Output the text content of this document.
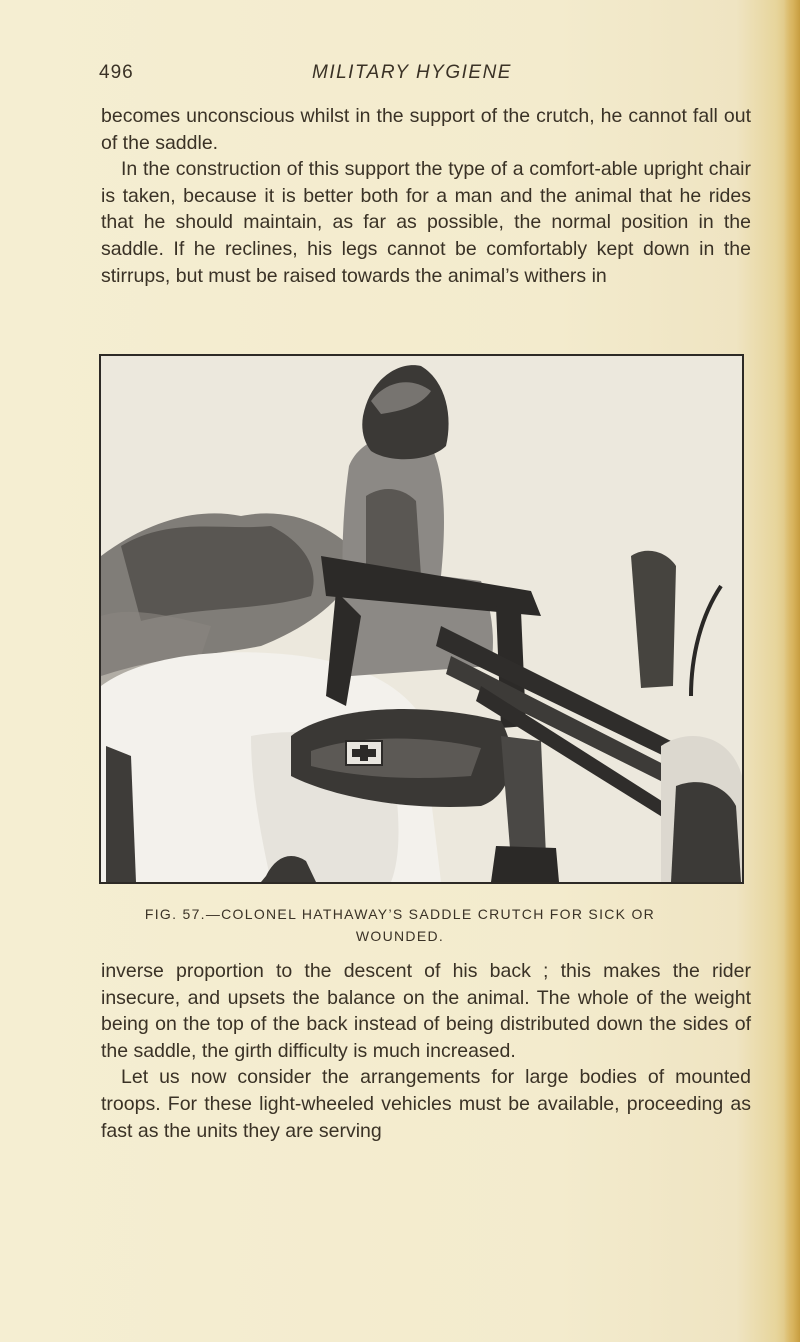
496	MILITARY HYGIENE

becomes unconscious whilst in the support of the crutch, he cannot fall out of the saddle.

In the construction of this support the type of a comfort-able upright chair is taken, because it is better both for a man and the animal that he rides that he should maintain, as far as possible, the normal position in the saddle. If he reclines, his legs cannot be comfortably kept down in the stirrups, but must be raised towards the animal’s withers in

FIG. 57.—COLONEL HATHAWAY’S SADDLE CRUTCH FOR SICK OR
WOUNDED.

inverse proportion to the descent of his back ; this makes the rider insecure, and upsets the balance on the animal. The whole of the weight being on the top of the back instead of being distributed down the sides of the saddle, the girth difficulty is much increased.

Let us now consider the arrangements for large bodies of mounted troops. For these light-wheeled vehicles must be available, proceeding as fast as the units they are serving
